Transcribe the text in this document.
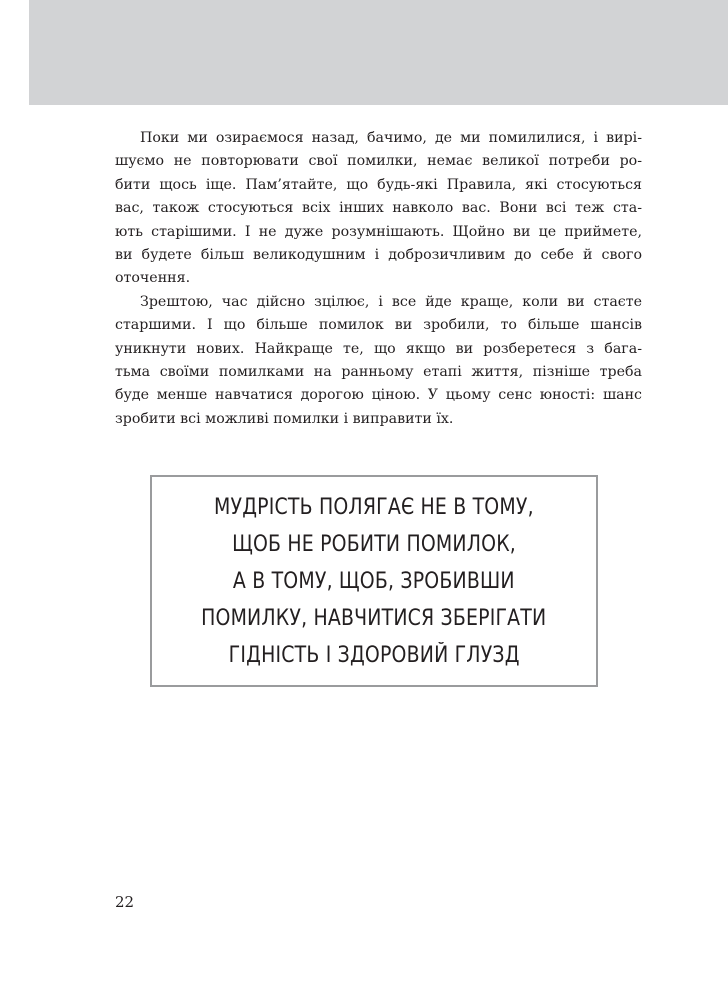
Поки ми озираємося назад, бачимо, де ми помилилися, і вирі-
шуємо не повторювати свої помилки, немає великої потреби ро-
бити щось іще. Пам’ятайте, що будь-які Правила, які стосуються
вас, також стосуються всіх інших навколо вас. Вони всі теж ста-
ють старішими. І не дуже розумнішають. Щойно ви це приймете,
ви будете більш великодушним і доброзичливим до себе й свого
оточення.

Зрештою, час дійсно зцілює, і все йде краще, коли ви стаєте
старшими. І що більше помилок ви зробили, то більше шансів
уникнути нових. Найкраще те, що якщо ви розберетеся з бага-
тьма своїми помилками на ранньому етапі життя, пізніше треба
буде менше навчатися дорогою ціною. У цьому сенс юності: шанс
зробити всі можливі помилки і виправити їх.

МУДРІСТЬ ПОЛЯГАЄ НЕ В ТОМУ,
ЩОБ НЕ РОБИТИ ПОМИЛОК,
А В ТОМУ, ЩОБ, ЗРОБИВШИ
ПОМИЛКУ, НАВЧИТИСЯ ЗБЕРІГАТИ
ГІДНІСТЬ І ЗДОРОВИЙ ГЛУЗД
22
